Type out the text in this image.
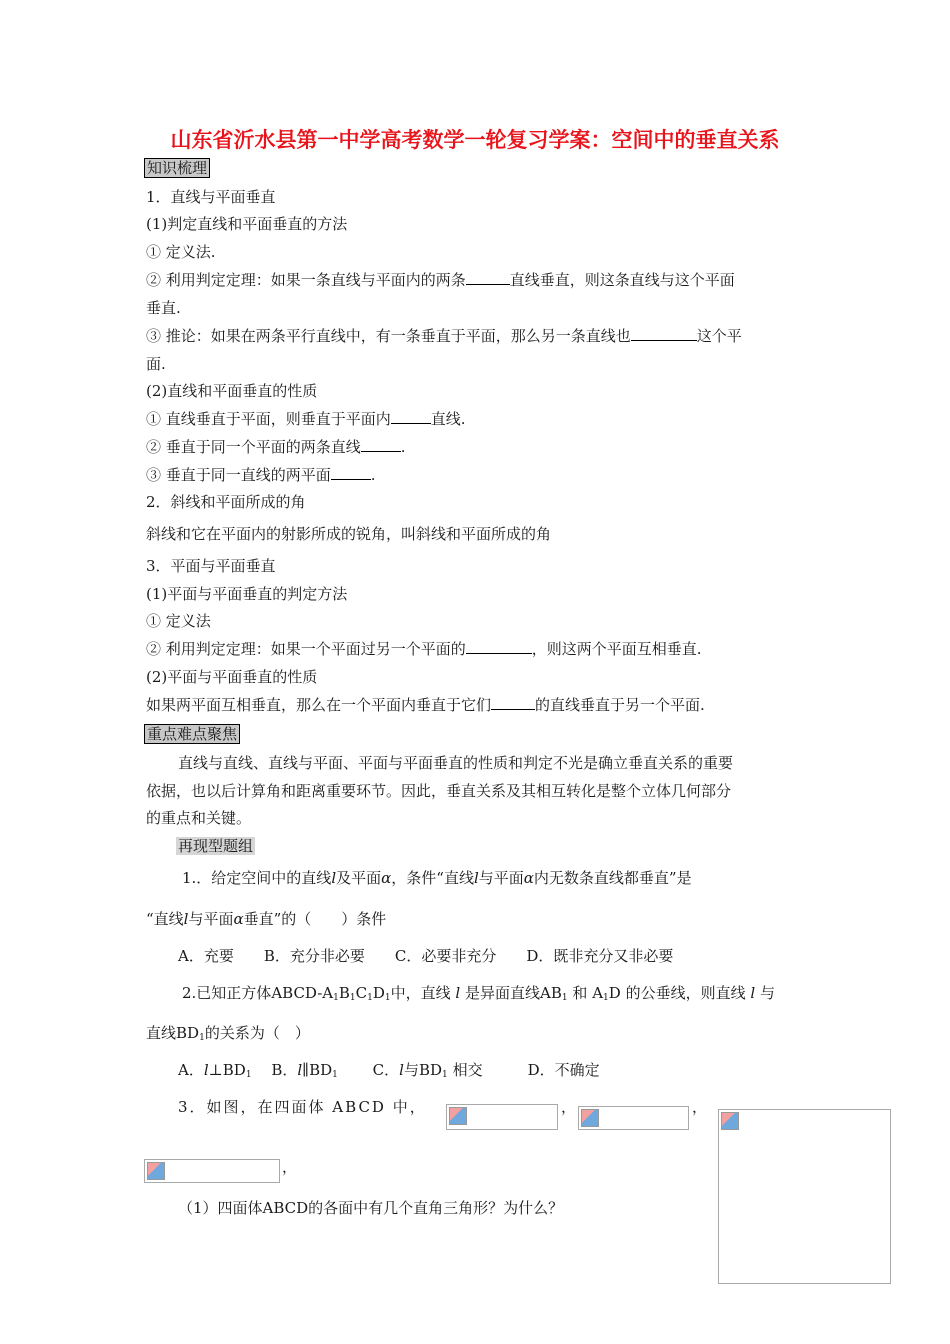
山东省沂水县第一中学高考数学一轮复习学案：空间中的垂直关系
知识梳理
1．直线与平面垂直
(1)判定直线和平面垂直的方法
① 定义法.
② 利用判定定理：如果一条直线与平面内的两条	直线垂直，则这条直线与这个平面
垂直.
③ 推论：如果在两条平行直线中，有一条垂直于平面，那么另一条直线也	这个平
面.
(2)直线和平面垂直的性质
① 直线垂直于平面，则垂直于平面内	直线.
② 垂直于同一个平面的两条直线	.
③ 垂直于同一直线的两平面	.
2．斜线和平面所成的角
斜线和它在平面内的射影所成的锐角，叫斜线和平面所成的角
3．平面与平面垂直
(1)平面与平面垂直的判定方法
① 定义法
② 利用判定定理：如果一个平面过另一个平面的	，则这两个平面互相垂直.
(2)平面与平面垂直的性质
如果两平面互相垂直，那么在一个平面内垂直于它们	的直线垂直于另一个平面.
重点难点聚焦
直线与直线、直线与平面、平面与平面垂直的性质和判定不光是确立垂直关系的重要
依据，也以后计算角和距离重要环节。因此，垂直关系及其相互转化是整个立体几何部分
的重点和关键。
再现型题组
1.．给定空间中的直线l及平面α，条件“直线l与平面α内无数条直线都垂直”是
“直线l与平面α垂直”的（　　）条件
A．充要　　B．充分非必要　　C．必要非充分　　D．既非充分又非必要
2.已知正方体ABCD-$A_1B_1C_1D_1$中，直线 l 是异面直线$AB_1$ 和 $A_1D$ 的公垂线，则直线 l 与
直线$BD_1$的关系为（　）
A．$l\perp BD_1$　 B．$l\parallel BD_1$　　 C．l与$BD_1$ 相交　　　	D．不确定
3．如图，在四面体 ABCD 中，	，	，
，
（1）四面体ABCD的各面中有几个直角三角形？为什么？
